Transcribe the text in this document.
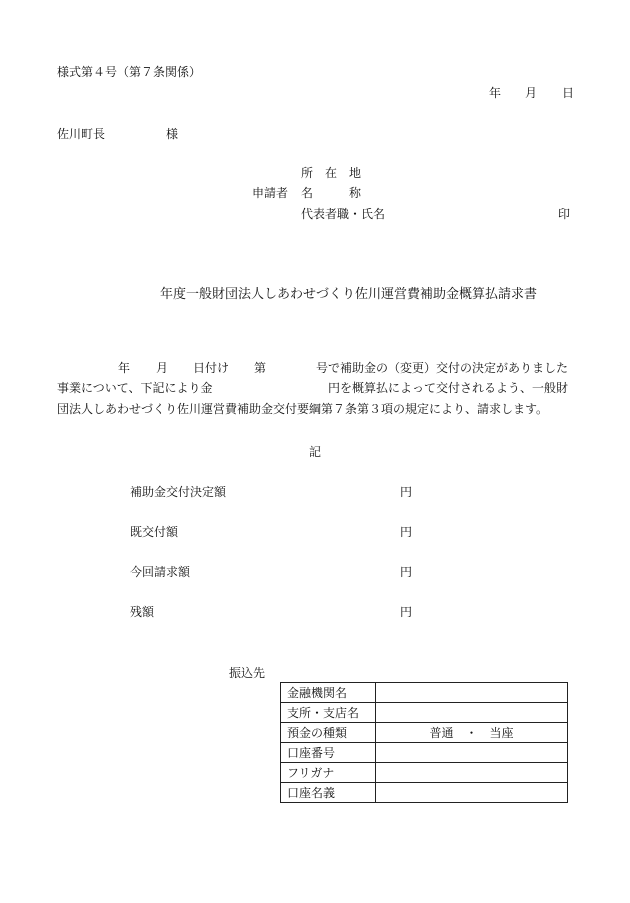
様式第４号（第７条関係）
年 月 日
佐川町長	様
所　在　地
申請者 名　　　称
代表者職・氏名	印
年度一般財団法人しあわせづくり佐川運営費補助金概算払請求書
年 月 日付け 第	号で補助金の（変更）交付の決定がありました
事業について、下記により金	円を概算払によって交付されるよう、一般財
団法人しあわせづくり佐川運営費補助金交付要綱第７条第３項の規定により、請求します。
記
補助金交付決定額	円
既交付額	円
今回請求額	円
残額	円
振込先
金融機関名	
支所・支店名	
預金の種類	普通　・　当座
口座番号	
フリガナ	
口座名義	
